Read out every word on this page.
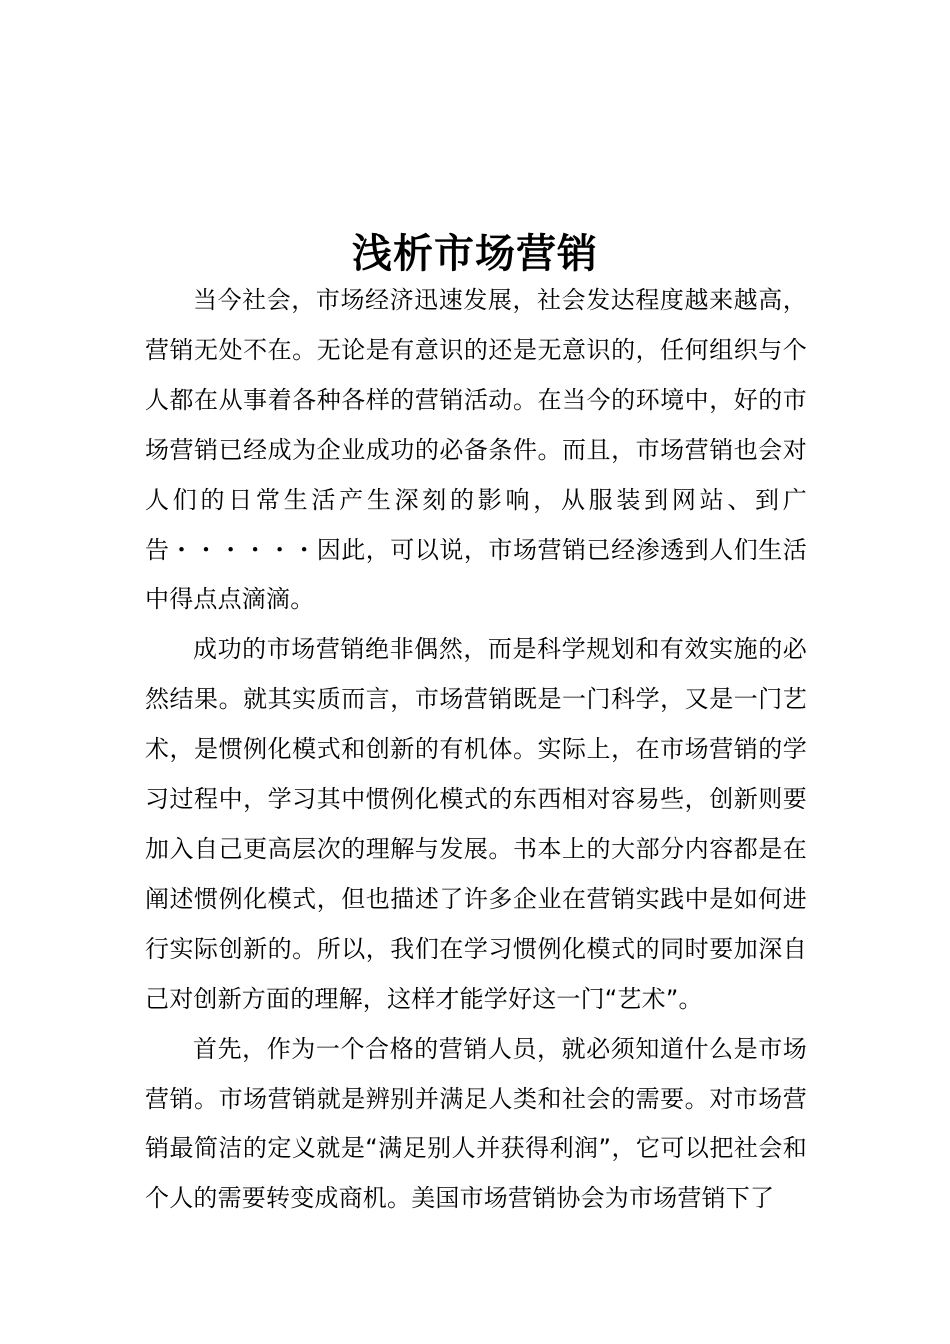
浅析市场营销

当今社会，市场经济迅速发展，社会发达程度越来越高，营销无处不在。无论是有意识的还是无意识的，任何组织与个人都在从事着各种各样的营销活动。在当今的环境中，好的市场营销已经成为企业成功的必备条件。而且，市场营销也会对人们的日常生活产生深刻的影响，从服装到网站、到广告・・・・・・因此，可以说，市场营销已经渗透到人们生活中得点点滴滴。

成功的市场营销绝非偶然，而是科学规划和有效实施的必然结果。就其实质而言，市场营销既是一门科学，又是一门艺术，是惯例化模式和创新的有机体。实际上，在市场营销的学习过程中，学习其中惯例化模式的东西相对容易些，创新则要加入自己更高层次的理解与发展。书本上的大部分内容都是在阐述惯例化模式，但也描述了许多企业在营销实践中是如何进行实际创新的。所以，我们在学习惯例化模式的同时要加深自己对创新方面的理解，这样才能学好这一门“艺术”。

首先，作为一个合格的营销人员，就必须知道什么是市场营销。市场营销就是辨别并满足人类和社会的需要。对市场营销最简洁的定义就是“满足别人并获得利润”，它可以把社会和个人的需要转变成商机。美国市场营销协会为市场营销下了
